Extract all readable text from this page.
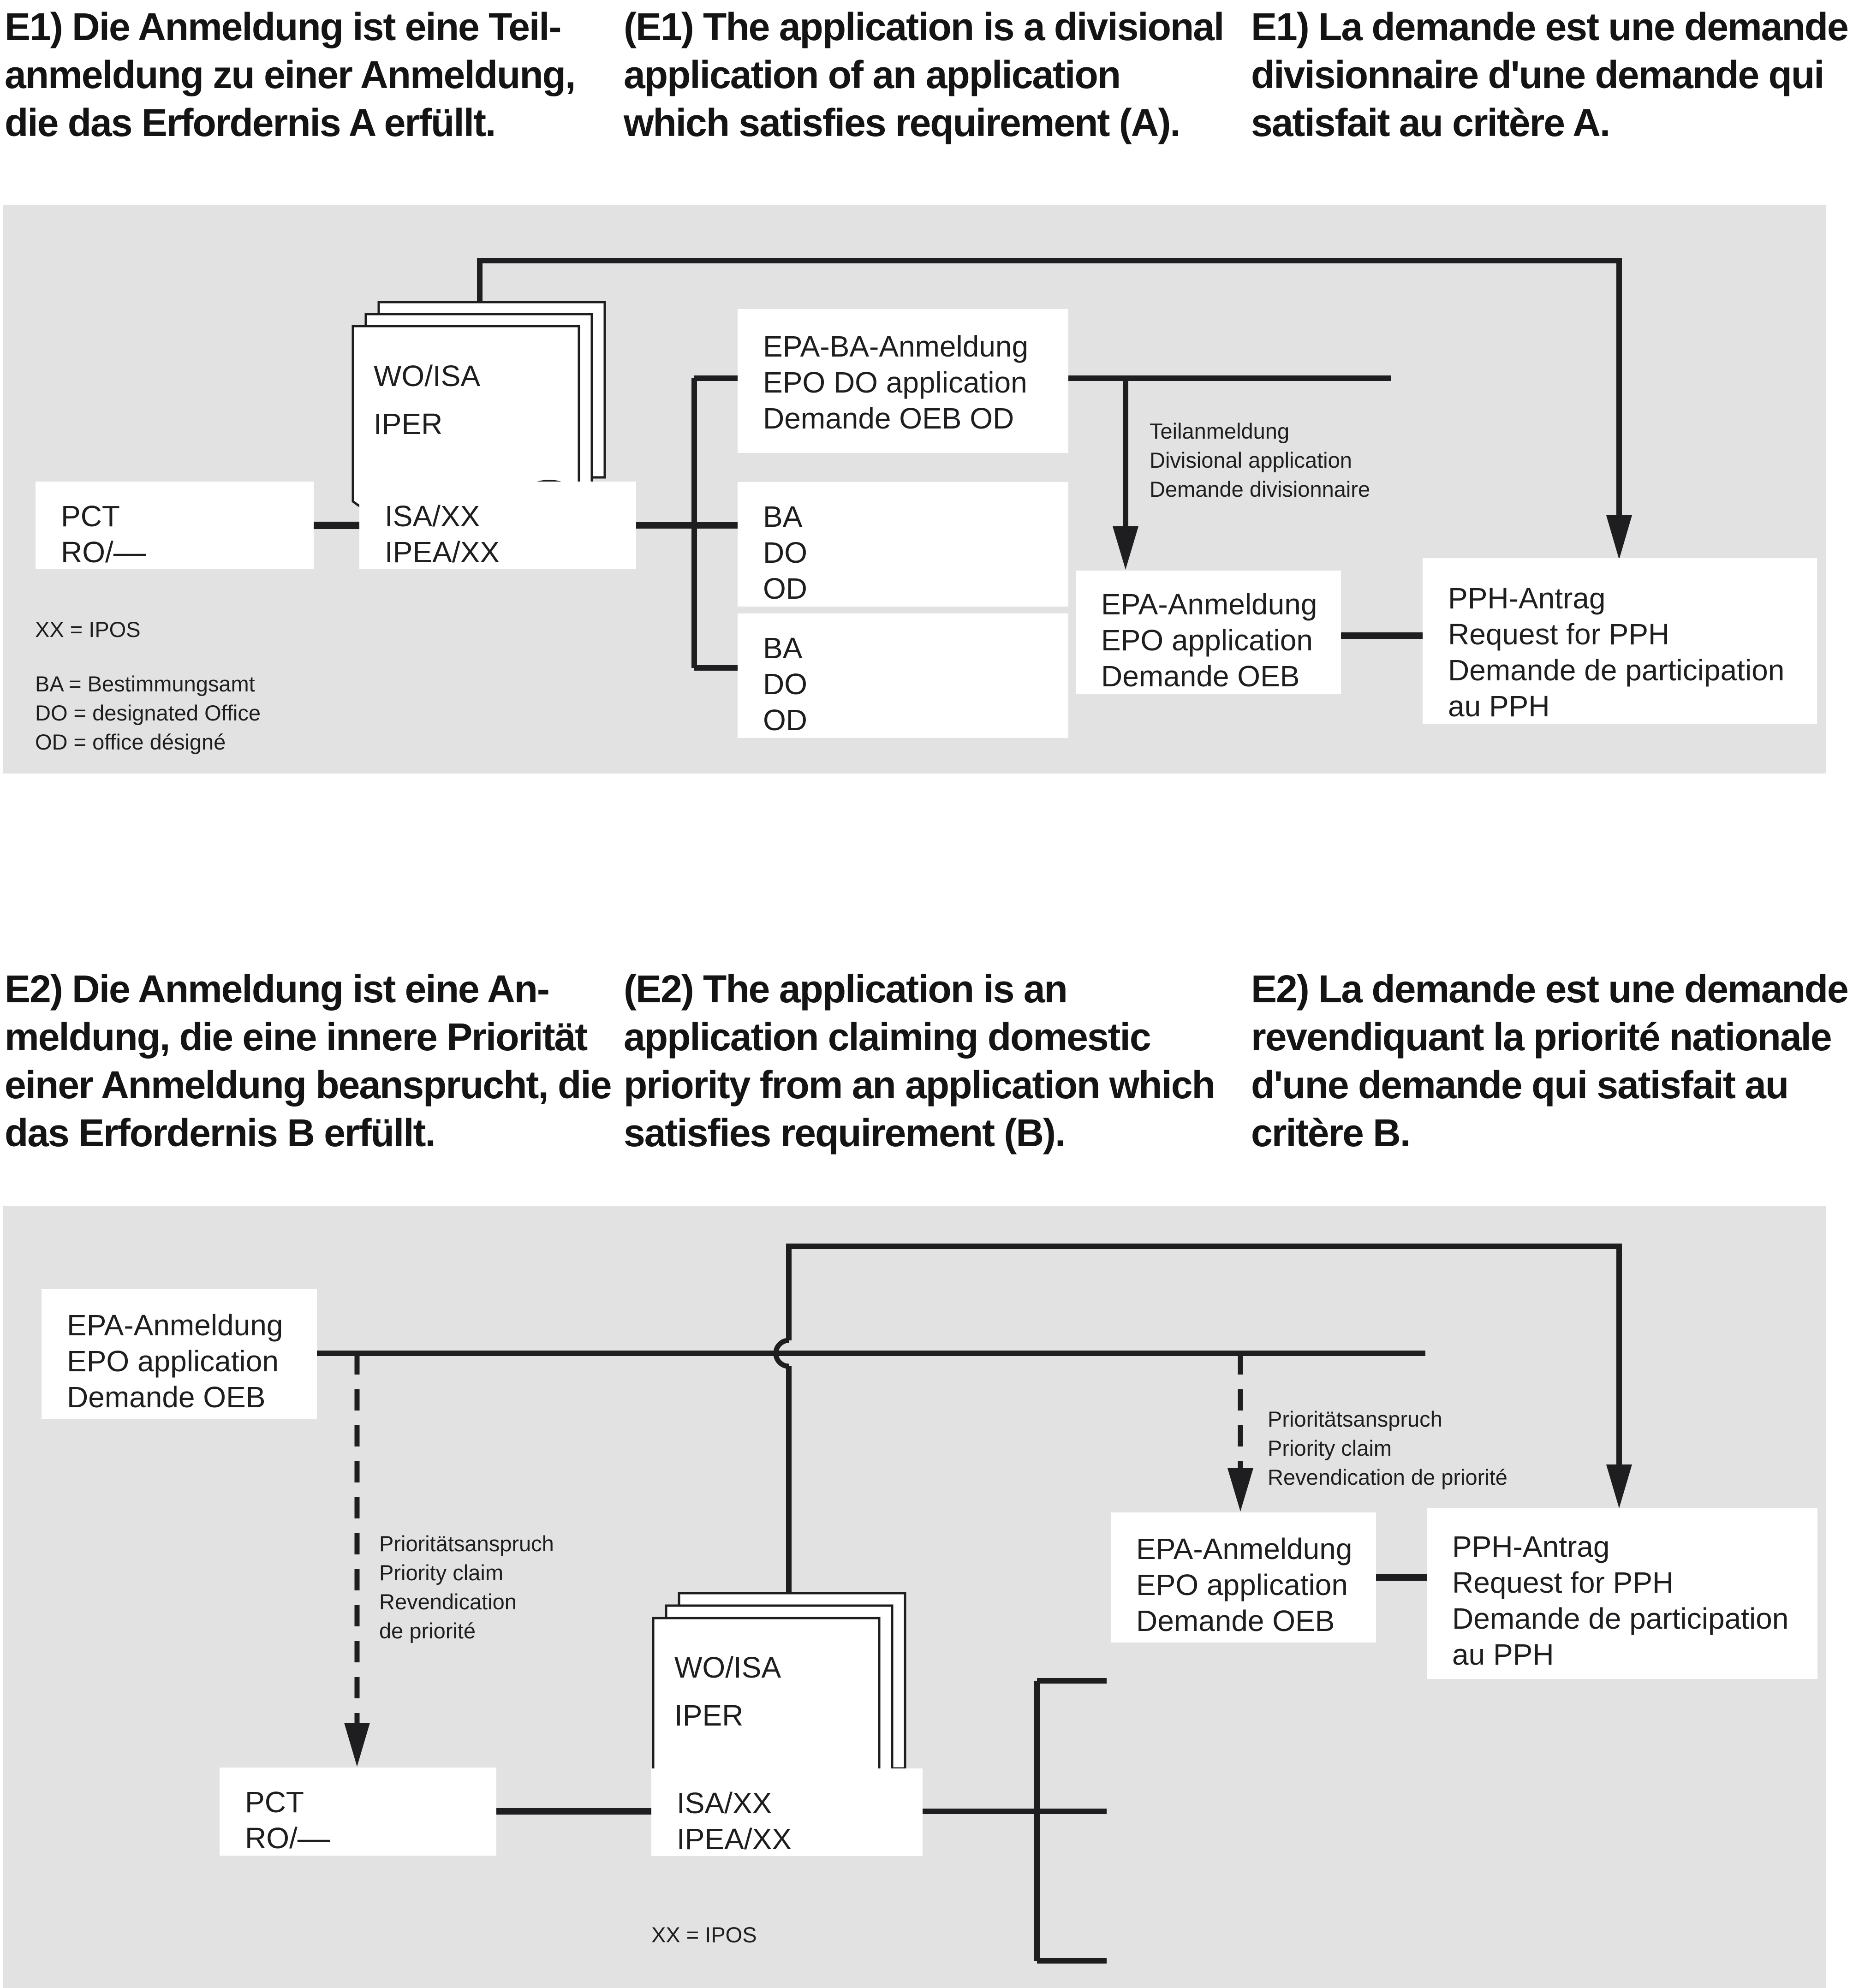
E1) Die Anmeldung ist eine Teil-
anmeldung zu einer Anmeldung,
die das Erfordernis A erfüllt.
(E1) The application is a divisional
application of an application
which satisfies requirement (A).
E1) La demande est une demande
divisionnaire d'une demande qui
satisfait au critère A.
WO/ISA
IPER
PCT
RO/––
ISA/XX
IPEA/XX
EPA-BA-Anmeldung
EPO DO application
Demande OEB OD
BA
DO
OD
BA
DO
OD
EPA-Anmeldung
EPO application
Demande OEB
PPH-Antrag
Request for PPH
Demande de participation
au PPH
Teilanmeldung
Divisional application
Demande divisionnaire
XX = IPOS
BA = Bestimmungsamt
DO = designated Office
OD = office désigné
E2) Die Anmeldung ist eine An-
meldung, die eine innere Priorität
einer Anmeldung beansprucht, die
das Erfordernis B erfüllt.
(E2) The application is an
application claiming domestic
priority from an application which
satisfies requirement (B).
E2) La demande est une demande
revendiquant la priorité nationale
d'une demande qui satisfait au
critère B.
EPA-Anmeldung
EPO application
Demande OEB
Prioritätsanspruch
Priority claim
Revendication
de priorité
Prioritätsanspruch
Priority claim
Revendication de priorité
WO/ISA
IPER
PCT
RO/––
ISA/XX
IPEA/XX
EPA-Anmeldung
EPO application
Demande OEB
PPH-Antrag
Request for PPH
Demande de participation
au PPH
XX = IPOS
